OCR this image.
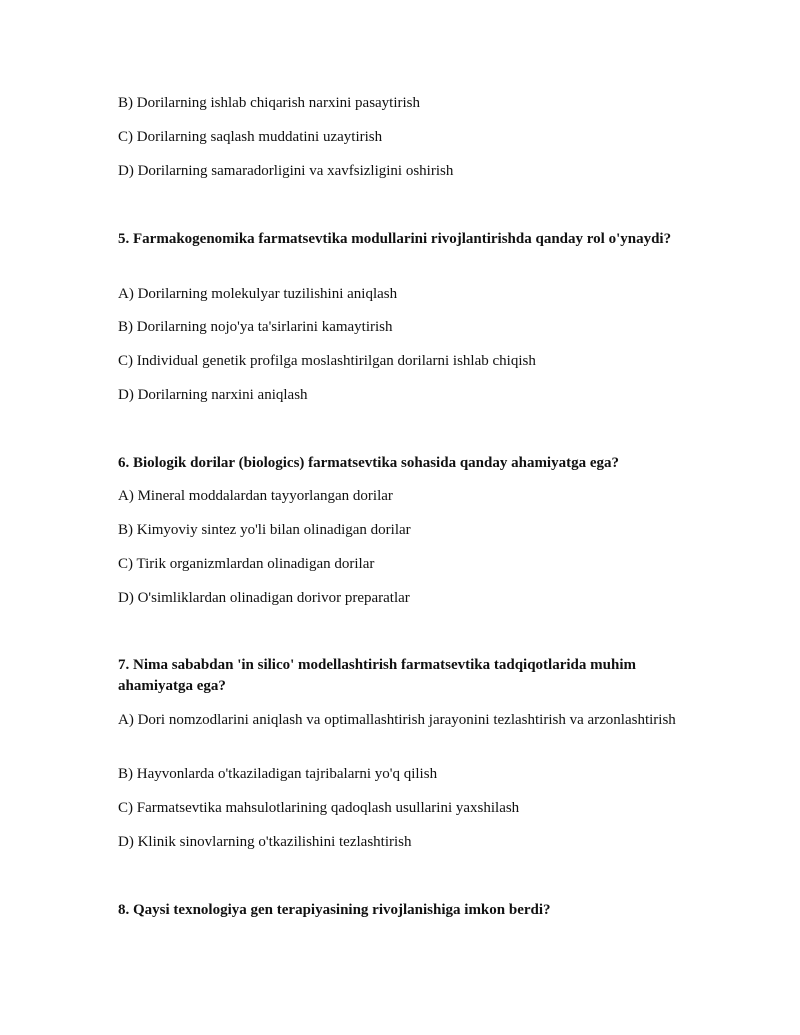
B) Dorilarning ishlab chiqarish narxini pasaytirish

C) Dorilarning saqlash muddatini uzaytirish

D) Dorilarning samaradorligini va xavfsizligini oshirish

5. Farmakogenomika farmatsevtika modullarini rivojlantirishda qanday rol o'ynaydi?

A) Dorilarning molekulyar tuzilishini aniqlash

B) Dorilarning nojo'ya ta'sirlarini kamaytirish

C) Individual genetik profilga moslashtirilgan dorilarni ishlab chiqish

D) Dorilarning narxini aniqlash

6. Biologik dorilar (biologics) farmatsevtika sohasida qanday ahamiyatga ega?

A) Mineral moddalardan tayyorlangan dorilar

B) Kimyoviy sintez yo'li bilan olinadigan dorilar

C) Tirik organizmlardan olinadigan dorilar

D) O'simliklardan olinadigan dorivor preparatlar

7. Nima sababdan 'in silico' modellashtirish farmatsevtika tadqiqotlarida muhim ahamiyatga ega?

A) Dori nomzodlarini aniqlash va optimallashtirish jarayonini tezlashtirish va arzonlashtirish

B) Hayvonlarda o'tkaziladigan tajribalarni yo'q qilish

C) Farmatsevtika mahsulotlarining qadoqlash usullarini yaxshilash

D) Klinik sinovlarning o'tkazilishini tezlashtirish

8. Qaysi texnologiya gen terapiyasining rivojlanishiga imkon berdi?
